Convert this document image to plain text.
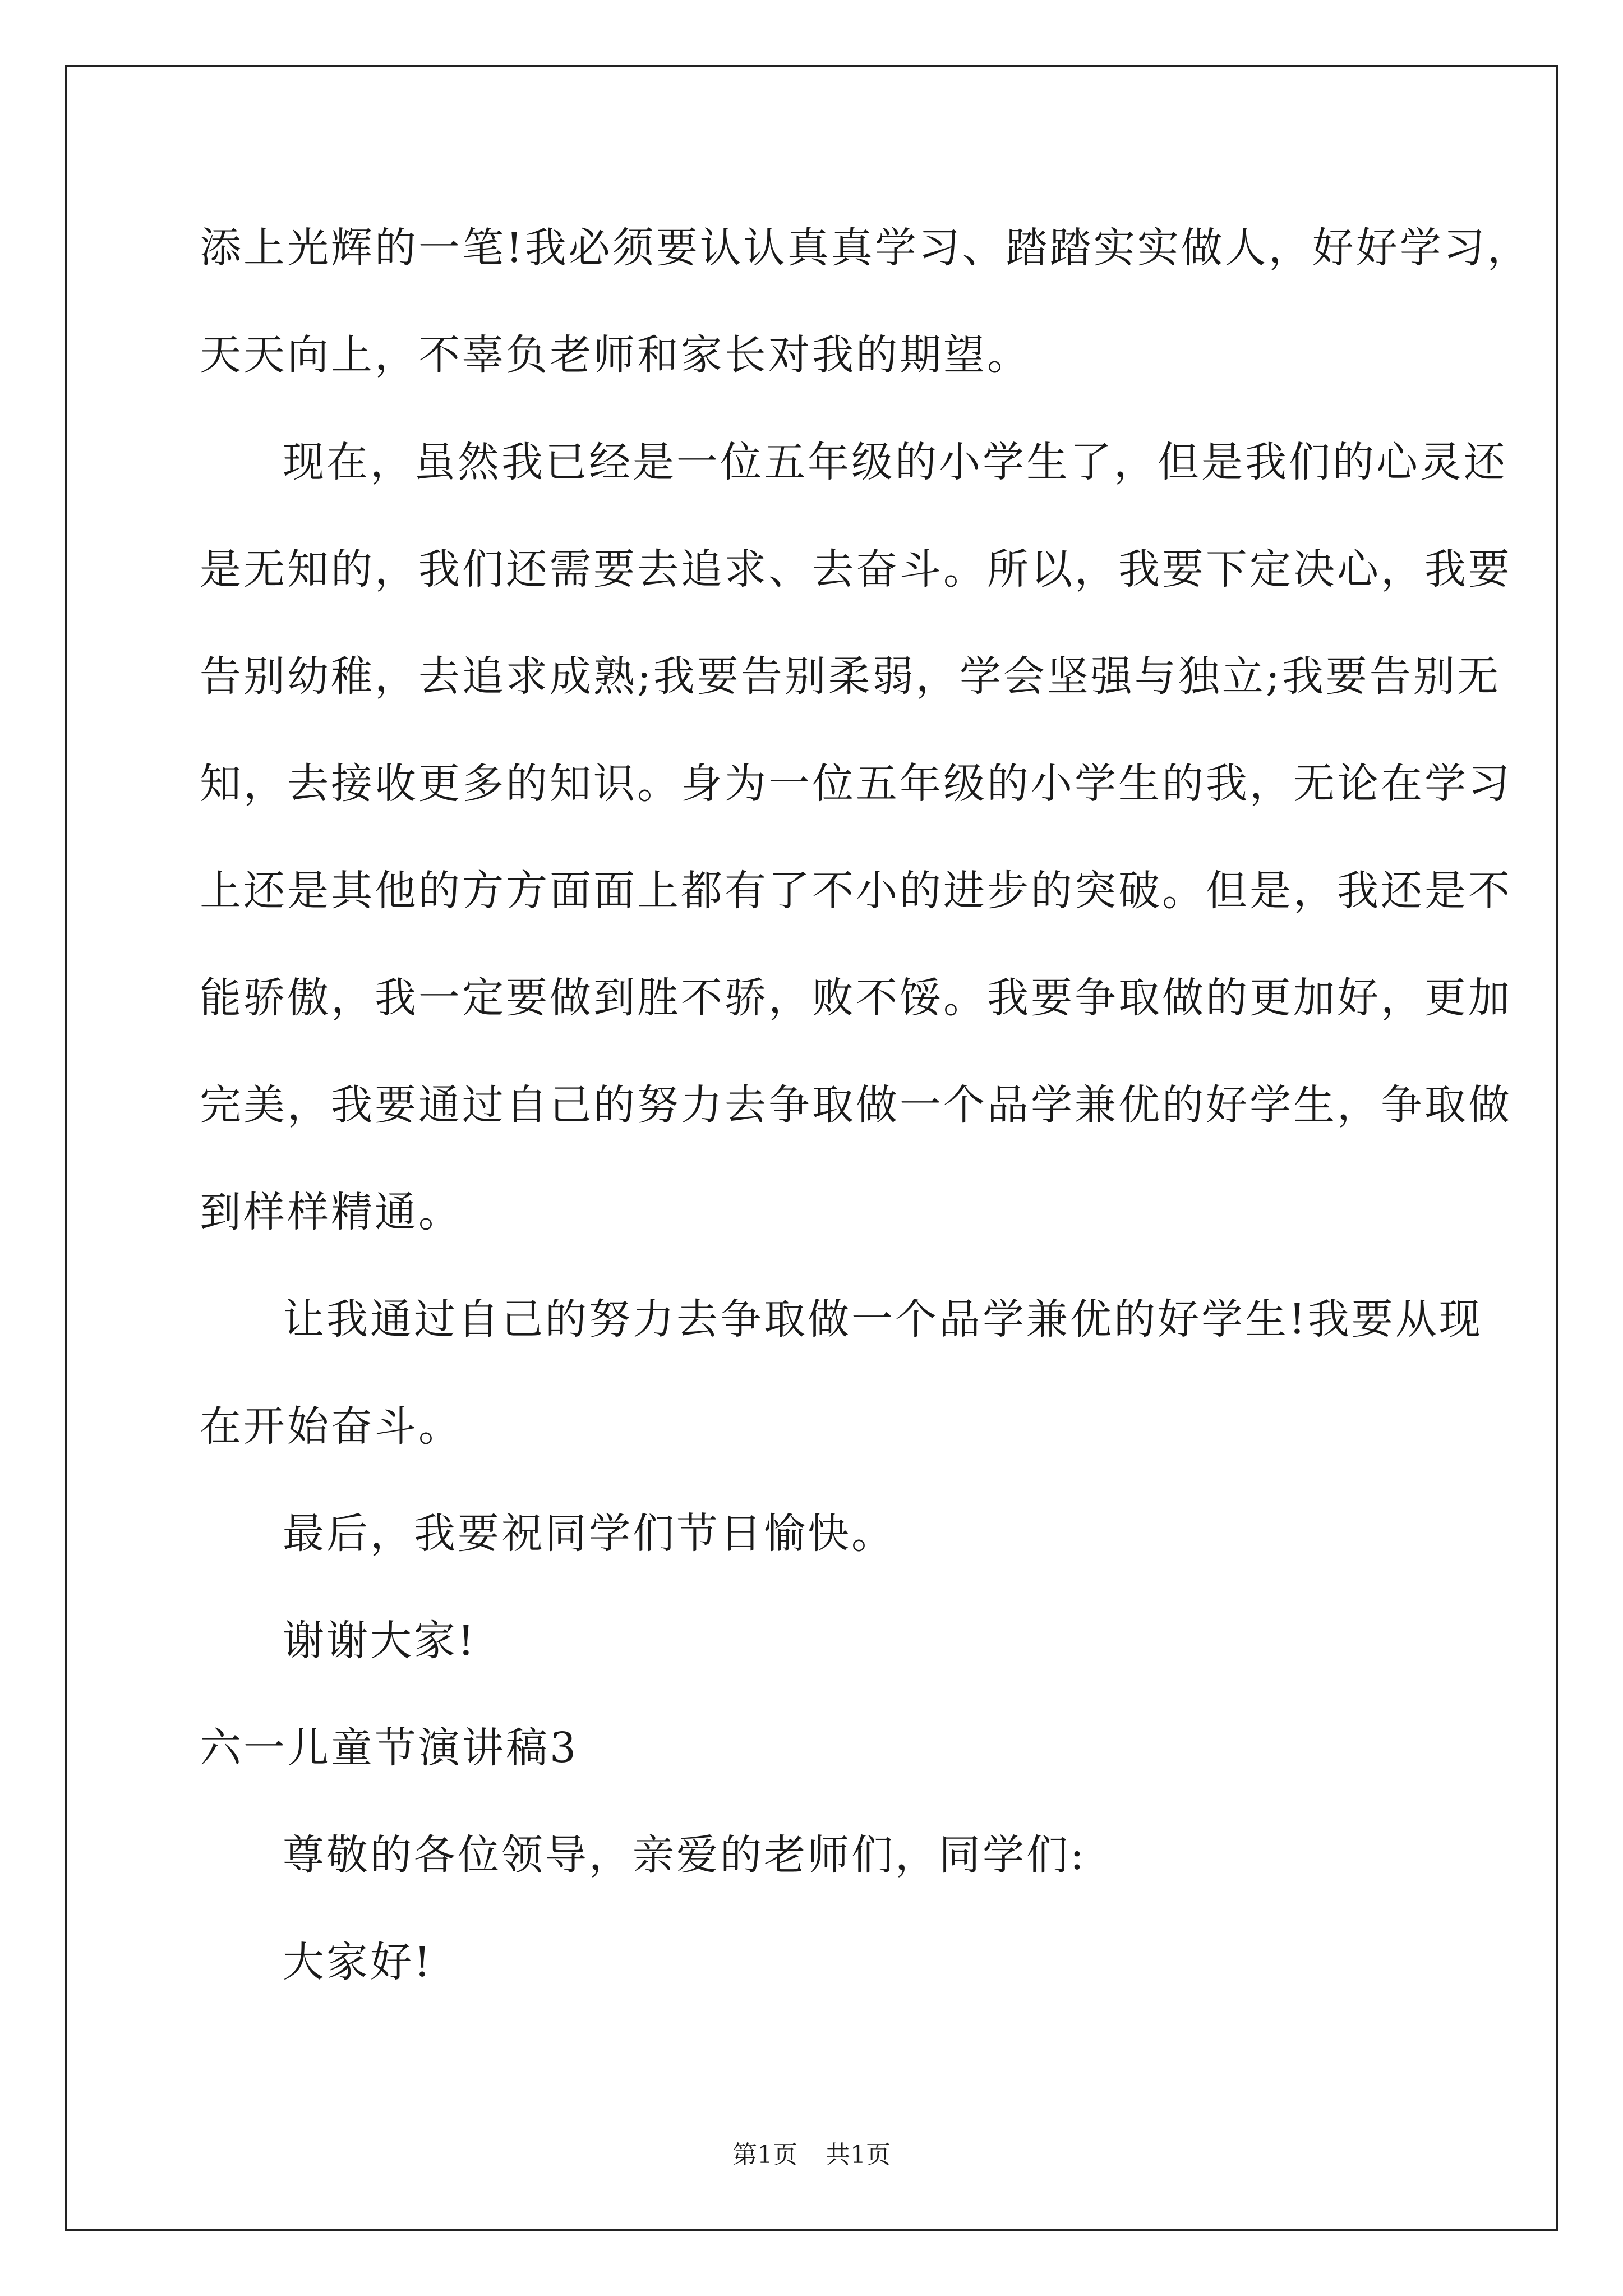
添上光辉的一笔!我必须要认认真真学习、踏踏实实做人，好好学习，
天天向上，不辜负老师和家长对我的期望。
现在，虽然我已经是一位五年级的小学生了，但是我们的心灵还
是无知的，我们还需要去追求、去奋斗。所以，我要下定决心，我要
告别幼稚，去追求成熟;我要告别柔弱，学会坚强与独立;我要告别无
知，去接收更多的知识。身为一位五年级的小学生的我，无论在学习
上还是其他的方方面面上都有了不小的进步的突破。但是，我还是不
能骄傲，我一定要做到胜不骄，败不馁。我要争取做的更加好，更加
完美，我要通过自己的努力去争取做一个品学兼优的好学生，争取做
到样样精通。
让我通过自己的努力去争取做一个品学兼优的好学生!我要从现
在开始奋斗。
最后，我要祝同学们节日愉快。
谢谢大家!
六一儿童节演讲稿3
尊敬的各位领导，亲爱的老师们，同学们:
大家好!
第1页 共1页
